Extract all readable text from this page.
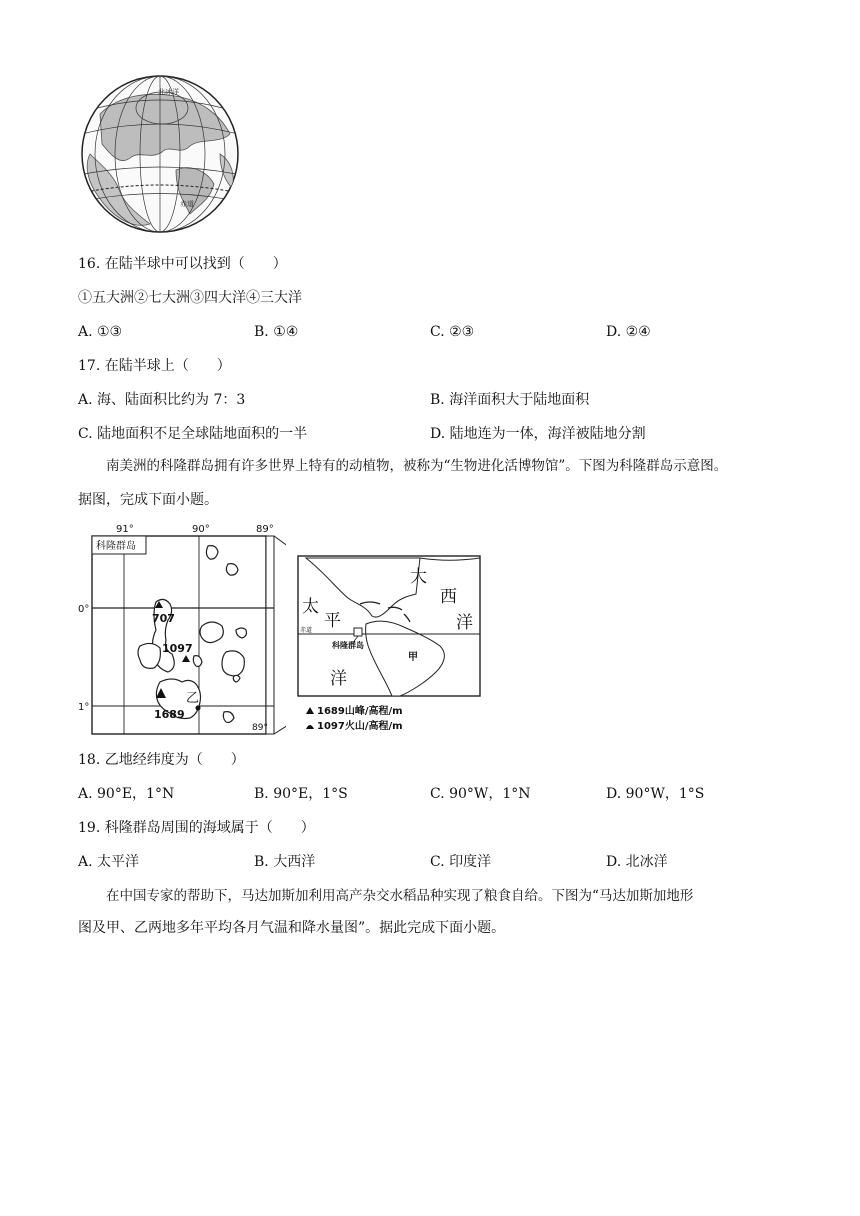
北冰洋
赤道
16. 在陆半球中可以找到（　　）
①五大洲②七大洲③四大洋④三大洋
A. ①③	B. ①④	C. ②③	D. ②④
17. 在陆半球上（　　）
A. 海、陆面积比约为 7：3	B. 海洋面积大于陆地面积
C. 陆地面积不足全球陆地面积的一半	D. 陆地连为一体，海洋被陆地分割
南美洲的科隆群岛拥有许多世界上特有的动植物，被称为“生物进化活博物馆”。下图为科隆群岛示意图。
据图，完成下面小题。
91°	90°	89°
0°
1°
科隆群岛
707
1097
1689
乙
89°
大
西
洋
太
平
洋
赤道
科隆群岛
甲
1689山峰/高程/m
1097火山/高程/m
18. 乙地经纬度为（　　）
A. 90°E，1°N	B. 90°E，1°S	C. 90°W，1°N	D. 90°W，1°S
19. 科隆群岛周围的海域属于（　　）
A. 太平洋	B. 大西洋	C. 印度洋	D. 北冰洋
在中国专家的帮助下，马达加斯加利用高产杂交水稻品种实现了粮食自给。下图为“马达加斯加地形
图及甲、乙两地多年平均各月气温和降水量图”。据此完成下面小题。
